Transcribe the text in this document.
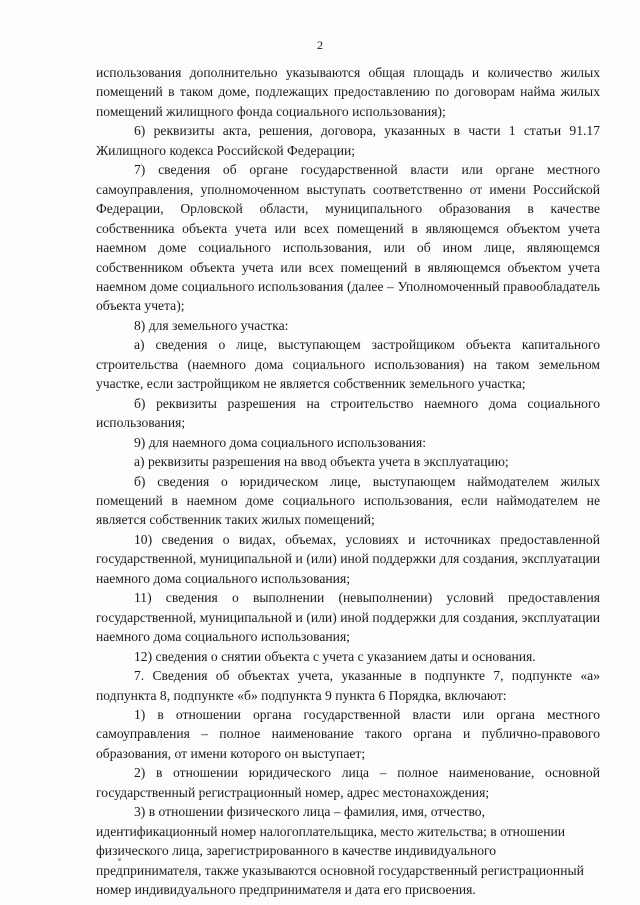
2

использования дополнительно указываются общая площадь и количество жилых помещений в таком доме, подлежащих предоставлению по договорам найма жилых помещений жилищного фонда социального использования);

6) реквизиты акта, решения, договора, указанных в части 1 статьи 91.17 Жилищного кодекса Российской Федерации;

7) сведения об органе государственной власти или органе местного самоуправления, уполномоченном выступать соответственно от имени Российской Федерации, Орловской области, муниципального образования в качестве собственника объекта учета или всех помещений в являющемся объектом учета наемном доме социального использования, или об ином лице, являющемся собственником объекта учета или всех помещений в являющемся объектом учета наемном доме социального использования (далее – Уполномоченный правообладатель объекта учета);

8) для земельного участка:

а) сведения о лице, выступающем застройщиком объекта капитального строительства (наемного дома социального использования) на таком земельном участке, если застройщиком не является собственник земельного участка;

б) реквизиты разрешения на строительство наемного дома социального использования;

9) для наемного дома социального использования:

а) реквизиты разрешения на ввод объекта учета в эксплуатацию;

б) сведения о юридическом лице, выступающем наймодателем жилых помещений в наемном доме социального использования, если наймодателем не является собственник таких жилых помещений;

10) сведения о видах, объемах, условиях и источниках предоставленной государственной, муниципальной и (или) иной поддержки для создания, эксплуатации наемного дома социального использования;

11) сведения о выполнении (невыполнении) условий предоставления государственной, муниципальной и (или) иной поддержки для создания, эксплуатации наемного дома социального использования;

12) сведения о снятии объекта с учета с указанием даты и основания.

7. Сведения об объектах учета, указанные в подпункте 7, подпункте «а» подпункта 8, подпункте «б» подпункта 9 пункта 6 Порядка, включают:

1) в отношении органа государственной власти или органа местного самоуправления – полное наименование такого органа и публично-правового образования, от имени которого он выступает;

2) в отношении юридического лица – полное наименование, основной государственный регистрационный номер, адрес местонахождения;

3) в отношении физического лица – фамилия, имя, отчество, идентификационный номер налогоплательщика, место жительства; в отношении физического лица, зарегистрированного в качестве индивидуального предпринимателя, также указываются основной государственный регистрационный номер индивидуального предпринимателя и дата его присвоения.
